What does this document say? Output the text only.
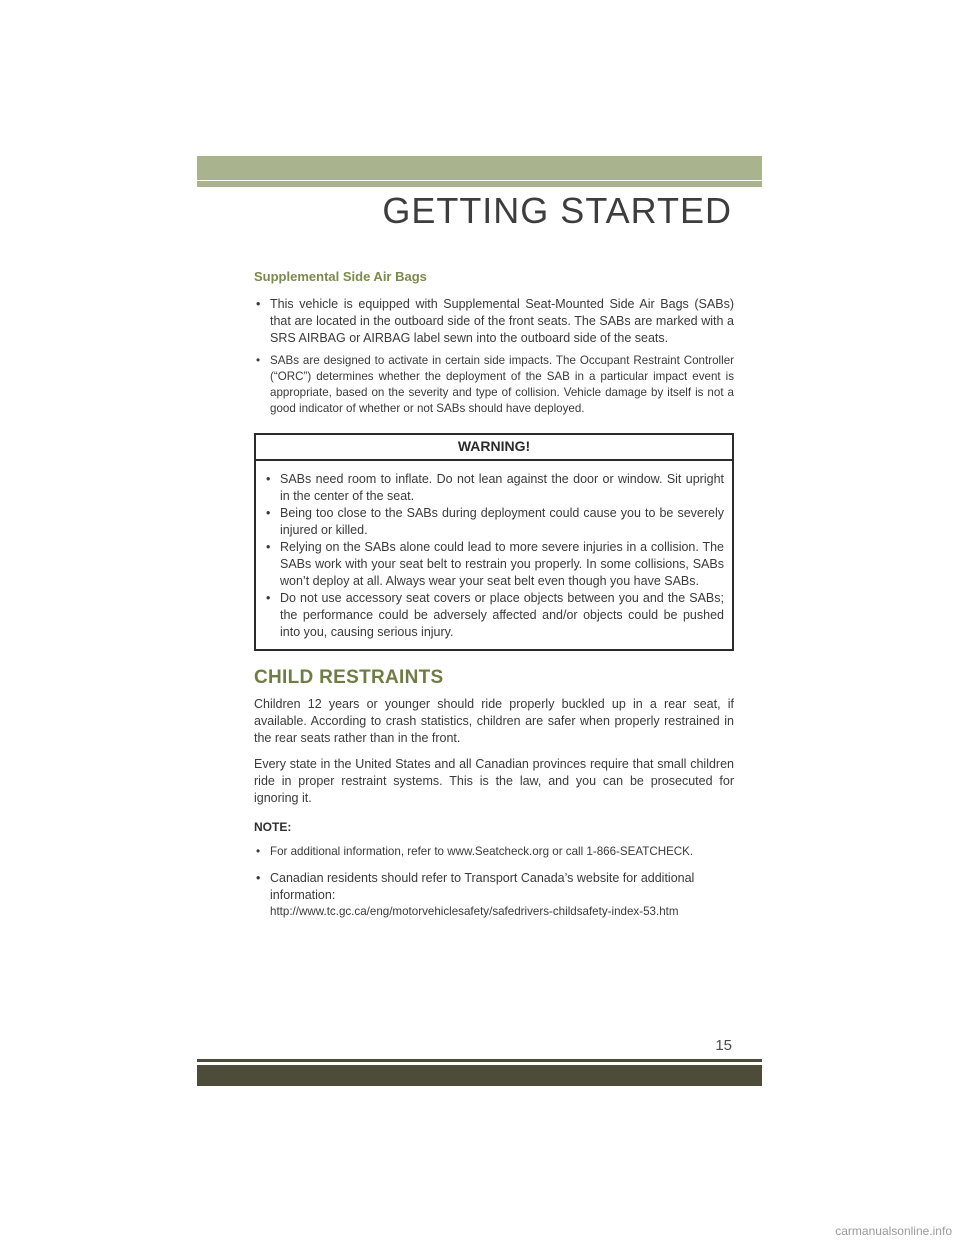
GETTING STARTED
Supplemental Side Air Bags
• This vehicle is equipped with Supplemental Seat-Mounted Side Air Bags (SABs) that are located in the outboard side of the front seats. The SABs are marked with a SRS AIRBAG or AIRBAG label sewn into the outboard side of the seats.
• SABs are designed to activate in certain side impacts. The Occupant Restraint Controller (“ORC”) determines whether the deployment of the SAB in a particular impact event is appropriate, based on the severity and type of collision. Vehicle damage by itself is not a good indicator of whether or not SABs should have deployed.
WARNING!
• SABs need room to inflate. Do not lean against the door or window. Sit upright in the center of the seat.
• Being too close to the SABs during deployment could cause you to be severely injured or killed.
• Relying on the SABs alone could lead to more severe injuries in a collision. The SABs work with your seat belt to restrain you properly. In some collisions, SABs won’t deploy at all. Always wear your seat belt even though you have SABs.
• Do not use accessory seat covers or place objects between you and the SABs; the performance could be adversely affected and/or objects could be pushed into you, causing serious injury.
CHILD RESTRAINTS

Children 12 years or younger should ride properly buckled up in a rear seat, if available. According to crash statistics, children are safer when properly restrained in the rear seats rather than in the front.

Every state in the United States and all Canadian provinces require that small children ride in proper restraint systems. This is the law, and you can be prosecuted for ignoring it.

NOTE:
• For additional information, refer to www.Seatcheck.org or call 1-866-SEATCHECK.
• Canadian residents should refer to Transport Canada’s website for additional information:
http://www.tc.gc.ca/eng/motorvehiclesafety/safedrivers-childsafety-index-53.htm
15
carmanualsonline.info
